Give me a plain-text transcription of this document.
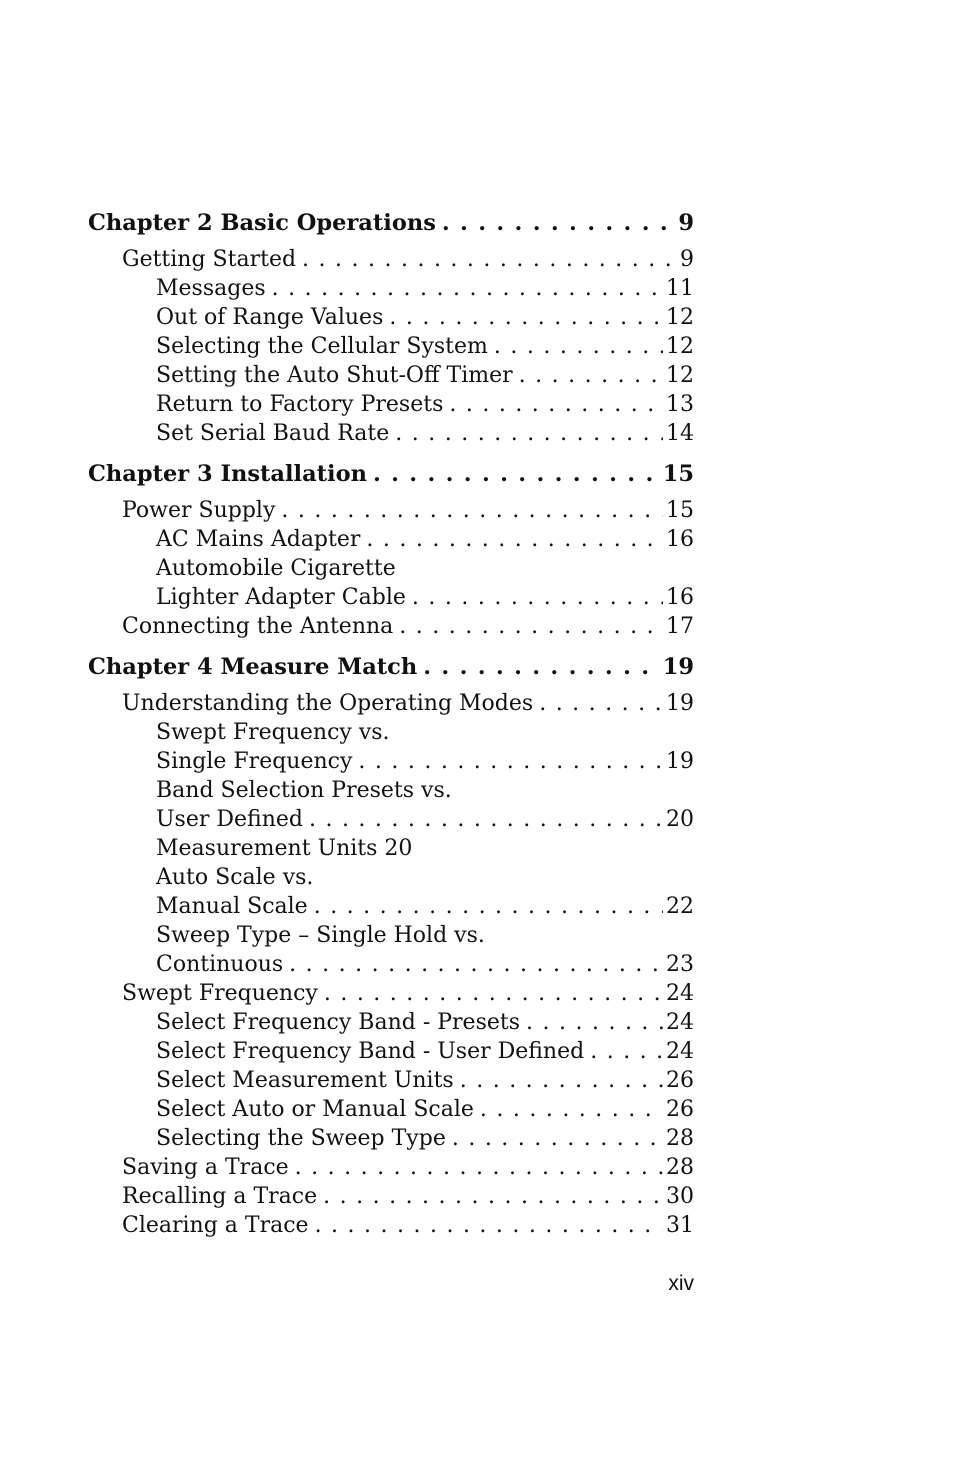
Chapter 2 Basic Operations . . .	9
Getting Started . . .	9
Messages . . .	11
Out of Range Values . . .	12
Selecting the Cellular System . . .	12
Setting the Auto Shut-Off Timer . . .	12
Return to Factory Presets . . .	13
Set Serial Baud Rate . . .	14
Chapter 3 Installation . . .	15
Power Supply . . .	15
AC Mains Adapter . . .	16
Automobile Cigarette
Lighter Adapter Cable . . .	16
Connecting the Antenna . . .	17
Chapter 4 Measure Match . . .	19
Understanding the Operating Modes . . .	19
Swept Frequency vs.
Single Frequency . . .	19
Band Selection Presets vs.
User Defined . . .	20
Measurement Units 20
Auto Scale vs.
Manual Scale . . .	22
Sweep Type – Single Hold vs.
Continuous . . .	23
Swept Frequency . . .	24
Select Frequency Band - Presets . . .	24
Select Frequency Band - User Defined . . .	24
Select Measurement Units . . .	26
Select Auto or Manual Scale . . .	26
Selecting the Sweep Type . . .	28
Saving a Trace . . .	28
Recalling a Trace . . .	30
Clearing a Trace . . .	31
xiv
